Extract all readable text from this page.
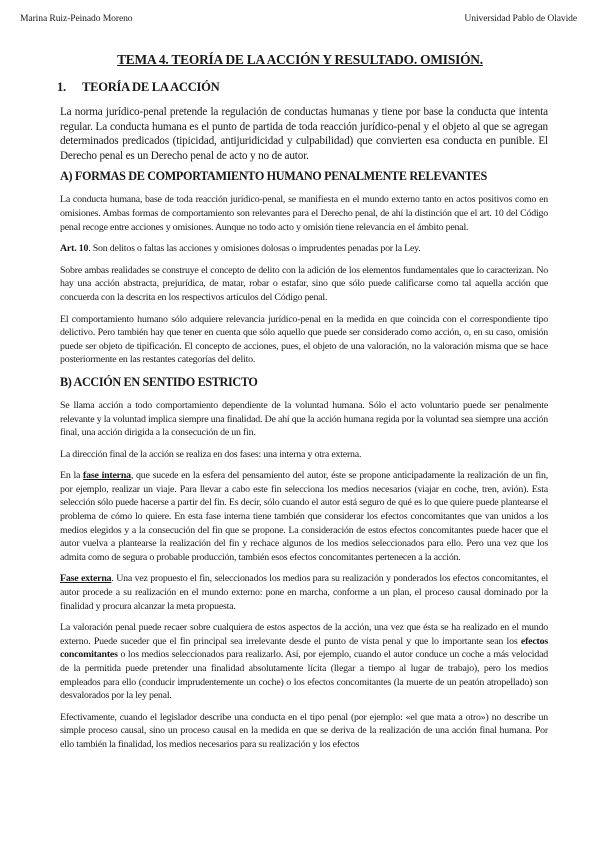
Marina Ruiz-Peinado Moreno	Universidad Pablo de Olavide
TEMA 4. TEORÍA DE LA ACCIÓN Y RESULTADO. OMISIÓN.
1. TEORÍA DE LA ACCIÓN

La norma jurídico-penal pretende la regulación de conductas humanas y tiene por base la conducta que intenta regular. La conducta humana es el punto de partida de toda reacción jurídico-penal y el objeto al que se agregan determinados predicados (tipicidad, antijuridicidad y culpabilidad) que convierten esa conducta en punible. El Derecho penal es un Derecho penal de acto y no de autor.

A) FORMAS DE COMPORTAMIENTO HUMANO PENALMENTE RELEVANTES

La conducta humana, base de toda reacción jurídico-penal, se manifiesta en el mundo externo tanto en actos positivos como en omisiones. Ambas formas de comportamiento son relevantes para el Derecho penal, de ahí la distinción que el art. 10 del Código penal recoge entre acciones y omisiones. Aunque no todo acto y omisión tiene relevancia en el ámbito penal.

Art. 10. Son delitos o faltas las acciones y omisiones dolosas o imprudentes penadas por la Ley.

Sobre ambas realidades se construye el concepto de delito con la adición de los elementos fundamentales que lo caracterizan. No hay una acción abstracta, prejurídica, de matar, robar o estafar, sino que sólo puede calificarse como tal aquella acción que concuerda con la descrita en los respectivos artículos del Código penal.

El comportamiento humano sólo adquiere relevancia jurídico-penal en la medida en que coincida con el correspondiente tipo delictivo. Pero también hay que tener en cuenta que sólo aquello que puede ser considerado como acción, o, en su caso, omisión puede ser objeto de tipificación. El concepto de acciones, pues, el objeto de una valoración, no la valoración misma que se hace posteriormente en las restantes categorías del delito.

B) ACCIÓN EN SENTIDO ESTRICTO

Se llama acción a todo comportamiento dependiente de la voluntad humana. Sólo el acto voluntario puede ser penalmente relevante y la voluntad implica siempre una finalidad. De ahí que la acción humana regida por la voluntad sea siempre una acción final, una acción dirigida a la consecución de un fin.

La dirección final de la acción se realiza en dos fases: una interna y otra externa.

En la fase interna, que sucede en la esfera del pensamiento del autor, éste se propone anticipadamente la realización de un fin, por ejemplo, realizar un viaje. Para llevar a cabo este fin selecciona los medios necesarios (viajar en coche, tren, avión). Esta selección sólo puede hacerse a partir del fin. Es decir, sólo cuando el autor está seguro de qué es lo que quiere puede plantearse el problema de cómo lo quiere. En esta fase interna tiene también que considerar los efectos concomitantes que van unidos a los medios elegidos y a la consecución del fin que se propone. La consideración de estos efectos concomitantes puede hacer que el autor vuelva a plantearse la realización del fin y rechace algunos de los medios seleccionados para ello. Pero una vez que los admita como de segura o probable producción, también esos efectos concomitantes pertenecen a la acción.

Fase externa. Una vez propuesto el fin, seleccionados los medios para su realización y ponderados los efectos concomitantes, el autor procede a su realización en el mundo externo: pone en marcha, conforme a un plan, el proceso causal dominado por la finalidad y procura alcanzar la meta propuesta.

La valoración penal puede recaer sobre cualquiera de estos aspectos de la acción, una vez que ésta se ha realizado en el mundo externo. Puede suceder que el fin principal sea irrelevante desde el punto de vista penal y que lo importante sean los efectos concomitantes o los medios seleccionados para realizarlo. Así, por ejemplo, cuando el autor conduce un coche a más velocidad de la permitida puede pretender una finalidad absolutamente lícita (llegar a tiempo al lugar de trabajo), pero los medios empleados para ello (conducir imprudentemente un coche) o los efectos concomitantes (la muerte de un peatón atropellado) son desvalorados por la ley penal.

Efectivamente, cuando el legislador describe una conducta en el tipo penal (por ejemplo: «el que mata a otro») no describe un simple proceso causal, sino un proceso causal en la medida en que se deriva de la realización de una acción final humana. Por ello también la finalidad, los medios necesarios para su realización y los efectos
